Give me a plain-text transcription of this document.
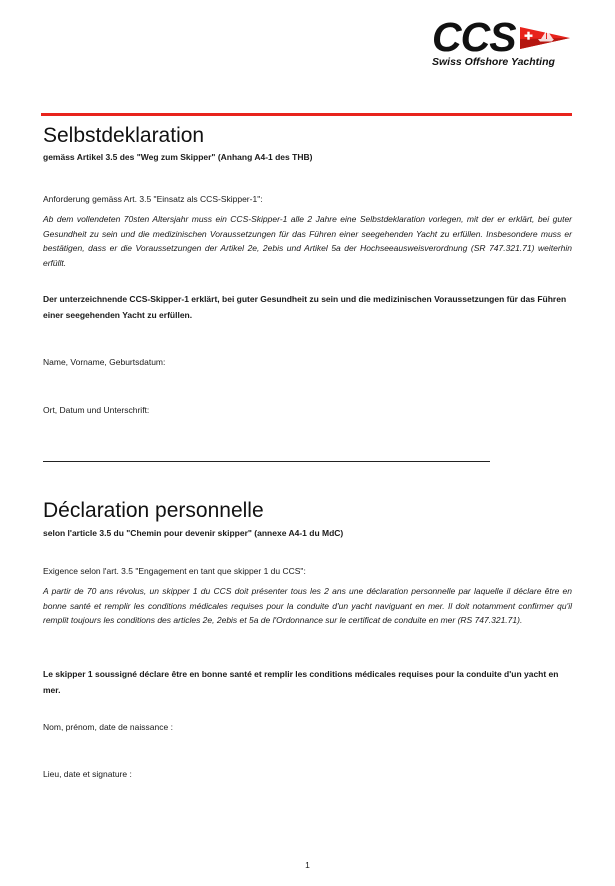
CCS
Swiss Offshore Yachting
Selbstdeklaration
gemäss Artikel 3.5 des "Weg zum Skipper" (Anhang A4-1 des THB)
Anforderung gemäss Art. 3.5 "Einsatz als CCS-Skipper-1":
Ab dem vollendeten 70sten Altersjahr muss ein CCS-Skipper-1 alle 2 Jahre eine Selbstdeklaration vorlegen, mit der er erklärt, bei guter Gesundheit zu sein und die medizinischen Voraussetzungen für das Führen einer seegehenden Yacht zu erfüllen. Insbesondere muss er bestätigen, dass er die Voraussetzungen der Artikel 2e, 2ebis und Artikel 5a der Hochseeausweisverordnung (SR 747.321.71) weiterhin erfüllt.
Der unterzeichnende CCS-Skipper-1 erklärt, bei guter Gesundheit zu sein und die medizinischen Voraussetzungen für das Führen einer seegehenden Yacht zu erfüllen.
Name, Vorname, Geburtsdatum:
Ort, Datum und Unterschrift:
Déclaration personnelle
selon l'article 3.5 du "Chemin pour devenir skipper" (annexe A4-1 du MdC)
Exigence selon l'art. 3.5 "Engagement en tant que skipper 1 du CCS":
A partir de 70 ans révolus, un skipper 1 du CCS doit présenter tous les 2 ans une déclaration personnelle par laquelle il déclare être en bonne santé et remplir les conditions médicales requises pour la conduite d'un yacht naviguant en mer. Il doit notamment confirmer qu'il remplit toujours les conditions des articles 2e, 2ebis et 5a de l'Ordonnance sur le certificat de conduite en mer (RS 747.321.71).
Le skipper 1 soussigné déclare être en bonne santé et remplir les conditions médicales requises pour la conduite d'un yacht en mer.
Nom, prénom, date de naissance :
Lieu, date et signature :
1
